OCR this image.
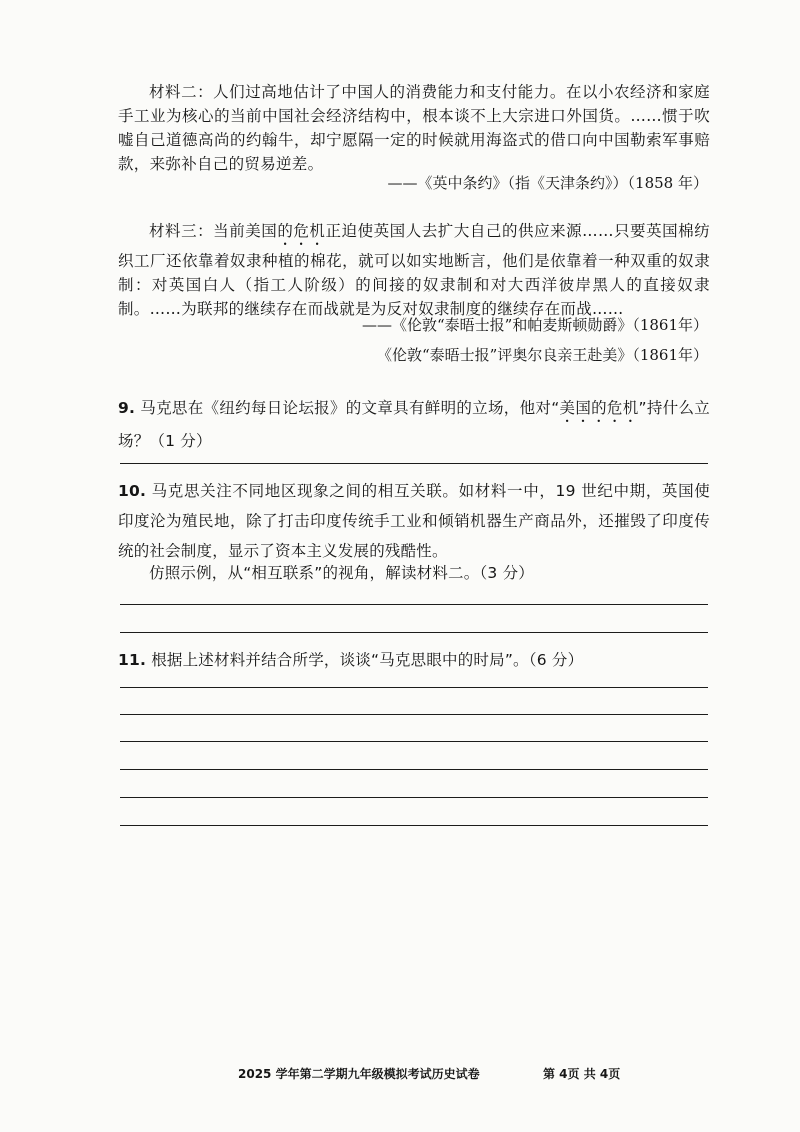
材料二：人们过高地估计了中国人的消费能力和支付能力。在以小农经济和家庭手工业为核心的当前中国社会经济结构中，根本谈不上大宗进口外国货。……惯于吹嘘自己道德高尚的约翰牛，却宁愿隔一定的时候就用海盗式的借口向中国勒索军事赔款，来弥补自己的贸易逆差。

——《英中条约》（指《天津条约》）（1858 年）

材料三：当前美国的危机正迫使英国人去扩大自己的供应来源……只要英国棉纺织工厂还依靠着奴隶种植的棉花，就可以如实地断言，他们是依靠着一种双重的奴隶制：对英国白人（指工人阶级）的间接的奴隶制和对大西洋彼岸黑人的直接奴隶制。……为联邦的继续存在而战就是为反对奴隶制度的继续存在而战……

——《伦敦“泰晤士报”和帕麦斯顿勋爵》（1861年）
《伦敦“泰晤士报”评奥尔良亲王赴美》（1861年）

9. 马克思在《纽约每日论坛报》的文章具有鲜明的立场，他对“美国的危机”持什么立场？（1 分）

10. 马克思关注不同地区现象之间的相互关联。如材料一中，19 世纪中期，英国使印度沦为殖民地，除了打击印度传统手工业和倾销机器生产商品外，还摧毁了印度传统的社会制度，显示了资本主义发展的残酷性。

仿照示例，从“相互联系”的视角，解读材料二。（3 分）

11. 根据上述材料并结合所学，谈谈“马克思眼中的时局”。（6 分）

2025 学年第二学期九年级模拟考试历史试卷	第 4页 共 4页
